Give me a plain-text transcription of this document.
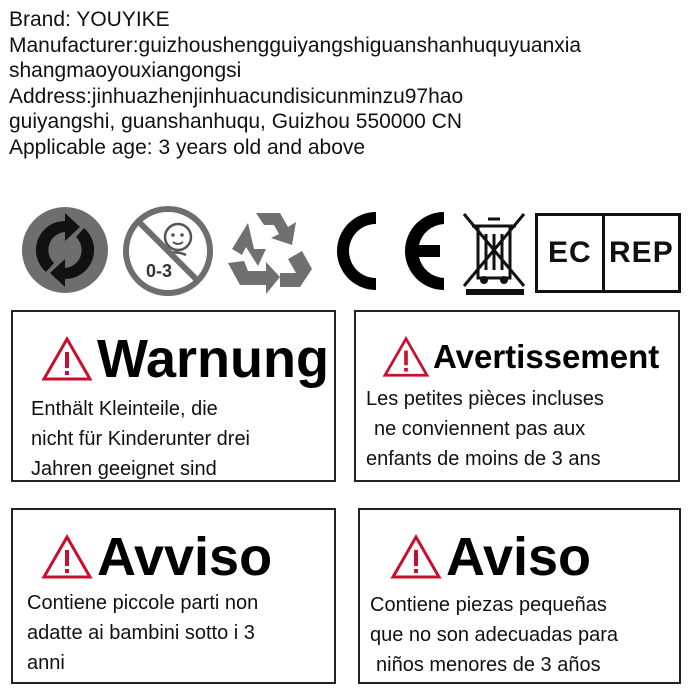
Brand: YOUYIKE
Manufacturer:guizhoushengguiyangshiguanshanhuquyuanxia
shangmaoyouxiangongsi
Address:jinhuazhenjinhuacundisicunminzu97hao
guiyangshi, guanshanhuqu, Guizhou 550000 CN
Applicable age: 3 years old and above
0-3
EC REP
Warnung
Enthält Kleinteile, die
nicht für Kinderunter drei
Jahren geeignet sind
Avertissement
Les petites pièces incluses
ne conviennent pas aux
enfants de moins de 3 ans
Avviso
Contiene piccole parti non
adatte ai bambini sotto i 3
anni
Aviso
Contiene piezas pequeñas
que no son adecuadas para
niños menores de 3 años
